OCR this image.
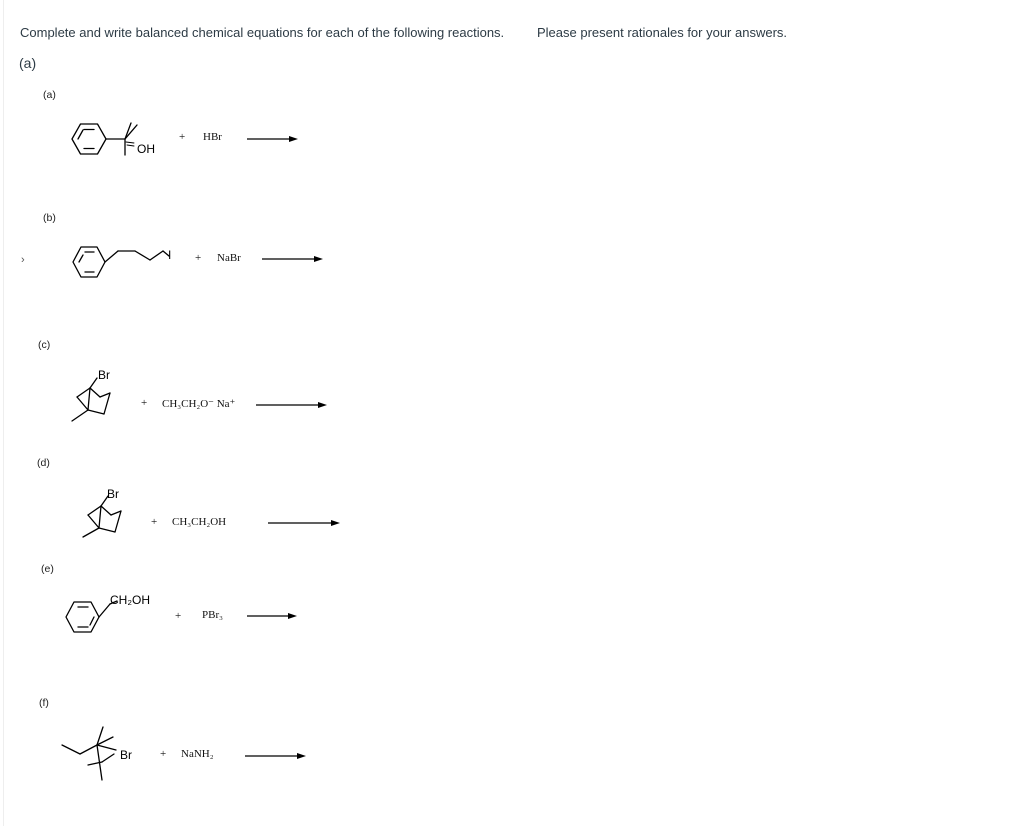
Complete and write balanced chemical equations for each of the following reactions.	Please present rationales for your answers.
(a)
›
(a)
(b)
(c)
(d)
(e)
(f)
OH
I
Br
Br
CH₂OH
Br
+
+
+
+
+
+
HBr
NaBr
CH₃CH₂O⁻ Na⁺
CH₃CH₂OH
PBr₃
NaNH₂
